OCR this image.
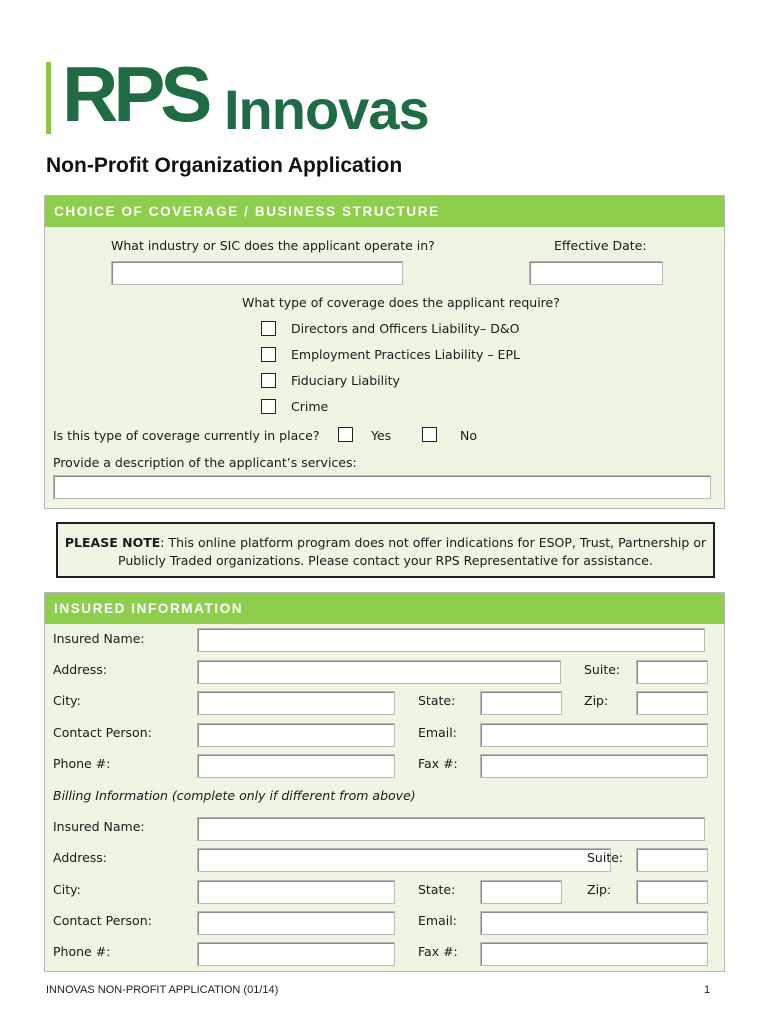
RPS Innovas
Non-Profit Organization Application
CHOICE OF COVERAGE / BUSINESS STRUCTURE
What industry or SIC does the applicant operate in?	Effective Date:
What type of coverage does the applicant require?
Directors and Officers Liability– D&O
Employment Practices Liability – EPL
Fiduciary Liability
Crime
Is this type of coverage currently in place?	Yes	No
Provide a description of the applicant’s services:
PLEASE NOTE: This online platform program does not offer indications for ESOP, Trust, Partnership or
Publicly Traded organizations. Please contact your RPS Representative for assistance.
INSURED INFORMATION
Insured Name:
Address:	Suite:
City:	State:	Zip:
Contact Person:	Email:
Phone #:	Fax #:
Billing Information (complete only if different from above)
Insured Name:
Address:	Suite:
City:	State:	Zip:
Contact Person:	Email:
Phone #:	Fax #:
INNOVAS NON-PROFIT APPLICATION (01/14)	1
